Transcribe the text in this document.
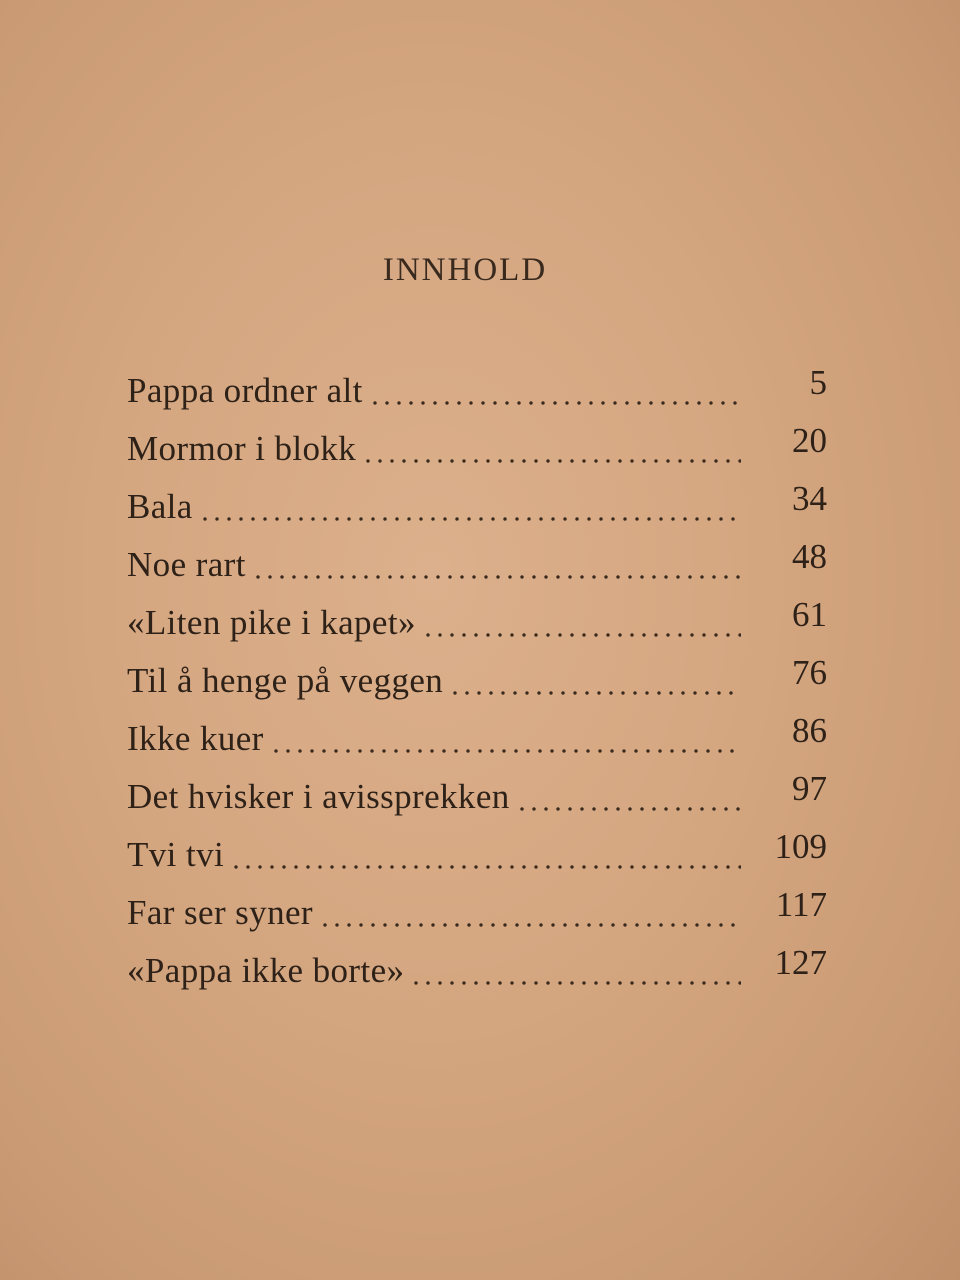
INNHOLD
Pappa ordner alt	5
Mormor i blokk	20
Bala	34
Noe rart	48
«Liten pike i kapet»	61
Til å henge på veggen	76
Ikke kuer	86
Det hvisker i avissprekken	97
Tvi tvi	109
Far ser syner	117
«Pappa ikke borte»	127
